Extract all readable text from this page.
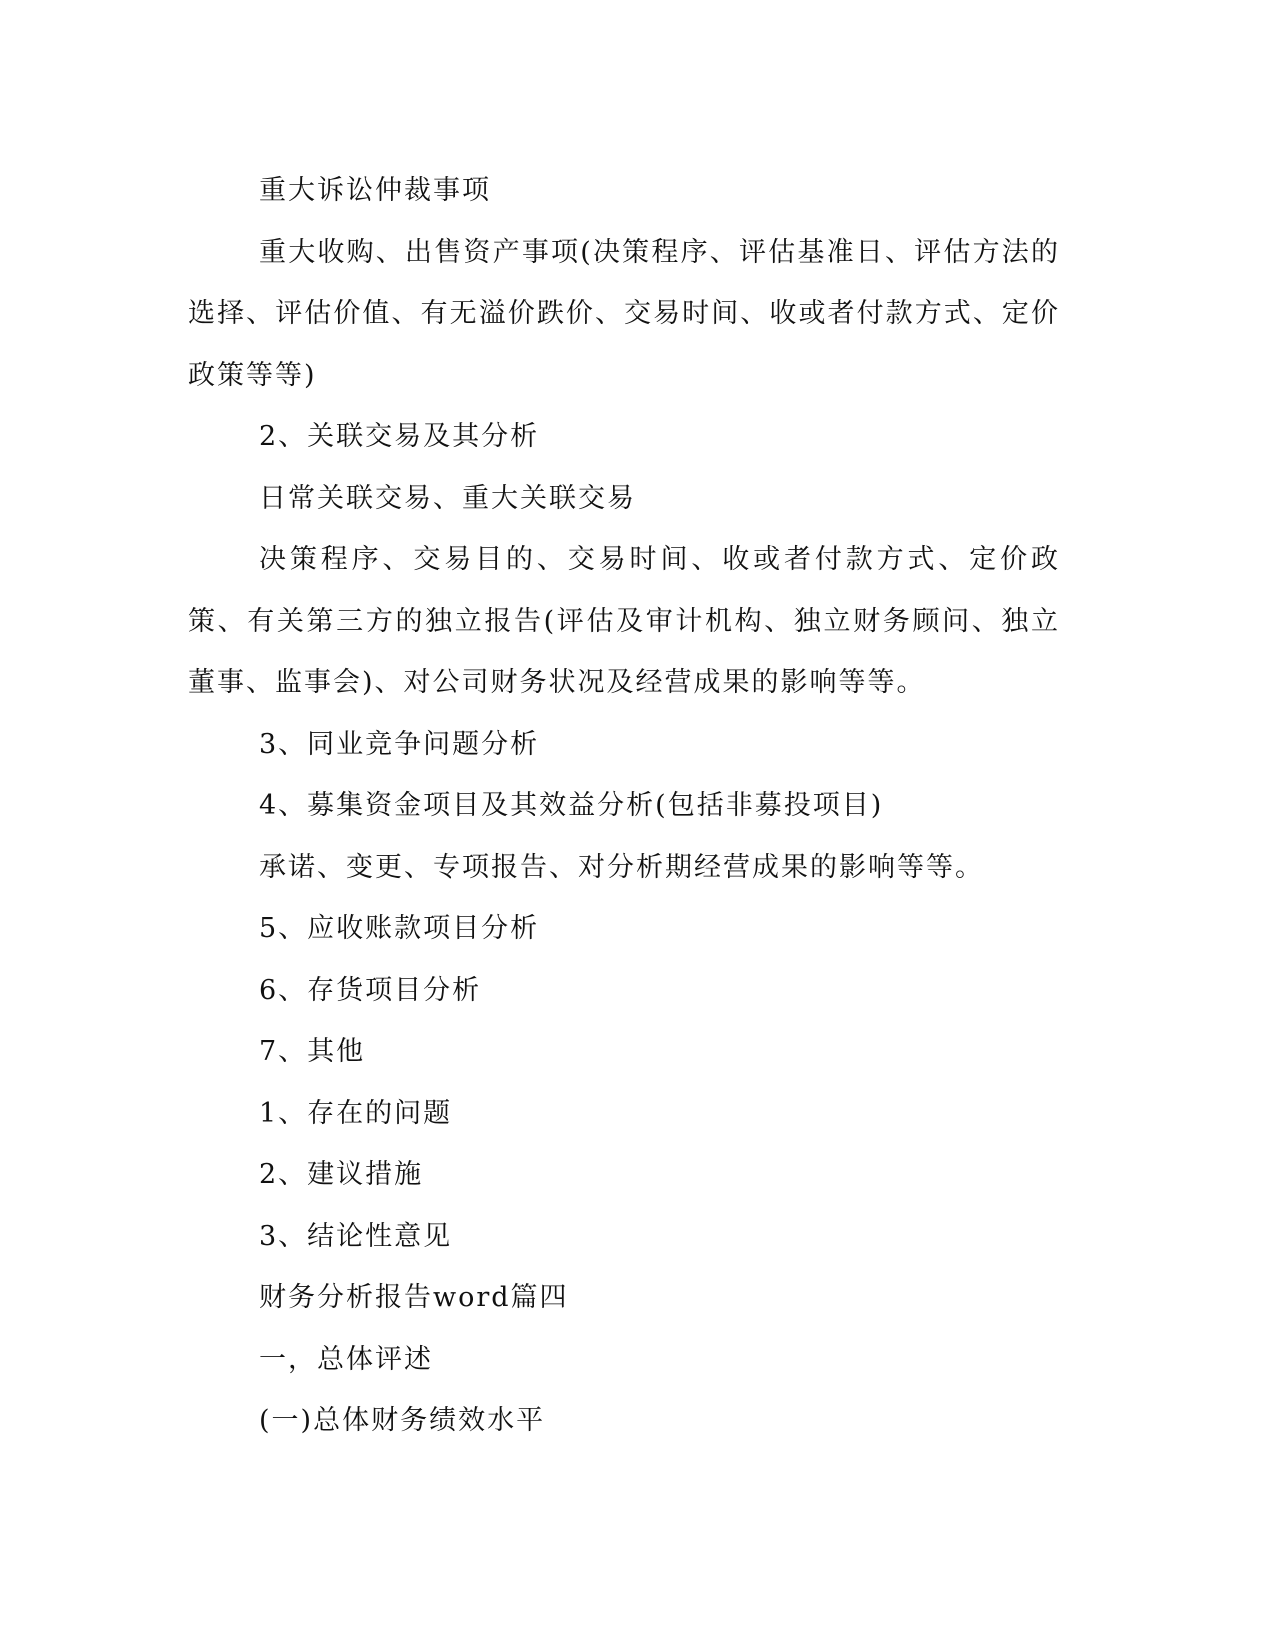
重大诉讼仲裁事项

重大收购、出售资产事项(决策程序、评估基准日、评估方法的选择、评估价值、有无溢价跌价、交易时间、收或者付款方式、定价政策等等)

2、关联交易及其分析

日常关联交易、重大关联交易

决策程序、交易目的、交易时间、收或者付款方式、定价政策、有关第三方的独立报告(评估及审计机构、独立财务顾问、独立董事、监事会)、对公司财务状况及经营成果的影响等等。

3、同业竞争问题分析

4、募集资金项目及其效益分析(包括非募投项目)

承诺、变更、专项报告、对分析期经营成果的影响等等。

5、应收账款项目分析

6、存货项目分析

7、其他

1、存在的问题

2、建议措施

3、结论性意见

财务分析报告word篇四

一，总体评述

(一)总体财务绩效水平
